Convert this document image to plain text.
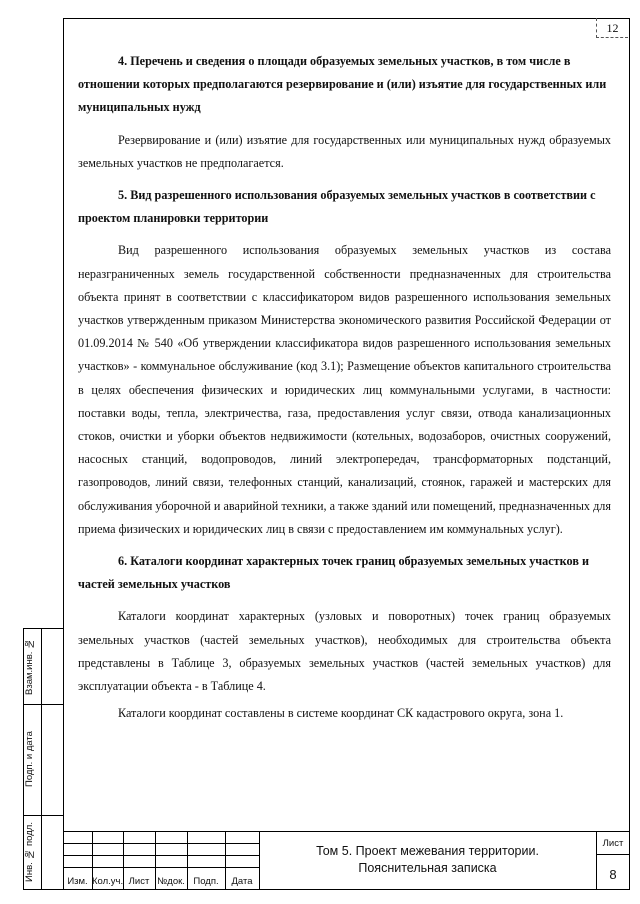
12

4. Перечень и сведения о площади образуемых земельных участков, в том числе в отношении которых предполагаются резервирование и (или) изъятие для государственных или муниципальных нужд

Резервирование и (или) изъятие для государственных или муниципальных нужд образуемых земельных участков не предполагается.

5. Вид разрешенного использования образуемых земельных участков в соответствии с проектом планировки территории

Вид разрешенного использования образуемых земельных участков из состава неразграниченных земель государственной собственности предназначенных для строительства объекта принят в соответствии с классификатором видов разрешенного использования земельных участков утвержденным приказом Министерства экономического развития Российской Федерации от 01.09.2014 № 540 «Об утверждении классификатора видов разрешенного использования земельных участков» - коммунальное обслуживание (код 3.1); Размещение объектов капитального строительства в целях обеспечения физических и юридических лиц коммунальными услугами, в частности: поставки воды, тепла, электричества, газа, предоставления услуг связи, отвода канализационных стоков, очистки и уборки объектов недвижимости (котельных, водозаборов, очистных сооружений, насосных станций, водопроводов, линий электропередач, трансформаторных подстанций, газопроводов, линий связи, телефонных станций, канализаций, стоянок, гаражей и мастерских для обслуживания уборочной и аварийной техники, а также зданий или помещений, предназначенных для приема физических и юридических лиц в связи с предоставлением им коммунальных услуг).

6. Каталоги координат характерных точек границ образуемых земельных участков и частей земельных участков

Каталоги координат характерных (узловых и поворотных) точек границ образуемых земельных участков (частей земельных участков), необходимых для строительства объекта представлены в Таблице 3, образуемых земельных участков (частей земельных участков) для эксплуатации объекта - в Таблице 4.

Каталоги координат составлены в системе координат СК кадастрового округа, зона 1.

Взам.инв. №
Подп. и дата
Инв. № подл.	Изм. Кол.уч. Лист №док. Подп.	Дата
Том 5. Проект межевания территории.
Пояснительная записка
Лист
8
